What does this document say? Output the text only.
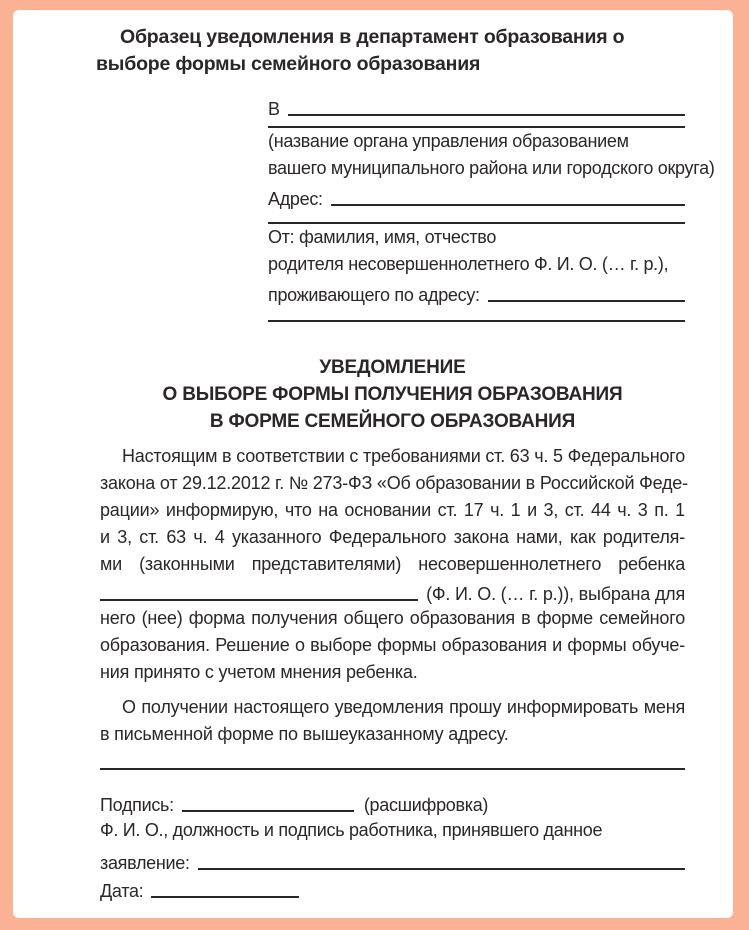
Образец уведомления в департамент образования о выборе формы семейного образования
В
(название органа управления образованием
вашего муниципального района или городского округа)
Адрес:
От: фамилия, имя, отчество
родителя несовершеннолетнего Ф. И. О. (… г. р.),
проживающего по адресу:
УВЕДОМЛЕНИЕ
О ВЫБОРЕ ФОРМЫ ПОЛУЧЕНИЯ ОБРАЗОВАНИЯ
В ФОРМЕ СЕМЕЙНОГО ОБРАЗОВАНИЯ
Настоящим в соответствии с требованиями ст. 63 ч. 5 Федерального
закона от 29.12.2012 г. № 273-ФЗ «Об образовании в Российской Феде-
рации» информирую, что на основании ст. 17 ч. 1 и 3, ст. 44 ч. 3 п. 1
и 3, ст. 63 ч. 4 указанного Федерального закона нами, как родителя-
ми (законными представителями) несовершеннолетнего ребенка
(Ф. И. О. (… г. р.)), выбрана для
него (нее) форма получения общего образования в форме семейного
образования. Решение о выборе формы образования и формы обуче-
ния принято с учетом мнения ребенка.
О получении настоящего уведомления прошу информировать меня
в письменной форме по вышеуказанному адресу.
Подпись:	(расшифровка)
Ф. И. О., должность и подпись работника, принявшего данное
заявление:
Дата:
